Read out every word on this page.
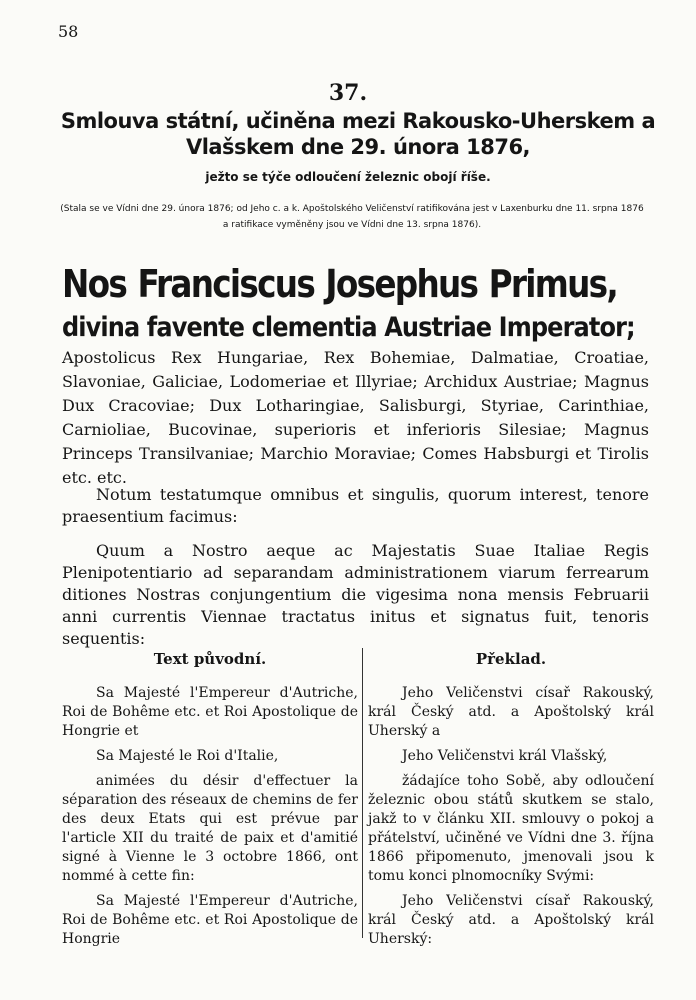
58
37.
Smlouva státní, učiněna mezi Rakousko-Uherskem a Vlašskem dne 29. února 1876,
ježto se týče odloučení železnic obojí říše.
(Stala se ve Vídni dne 29. února 1876; od Jeho c. a k. Apoštolského Veličenství ratifikována jest v Laxenburku dne 11. srpna 1876 a ratifikace vyměněny jsou ve Vídni dne 13. srpna 1876).
Nos Franciscus Josephus Primus,
divina favente clementia Austriae Imperator;
Apostolicus Rex Hungariae, Rex Bohemiae, Dalmatiae, Croatiae, Slavoniae, Galiciae, Lodomeriae et Illyriae; Archidux Austriae; Magnus Dux Cracoviae; Dux Lotharingiae, Salisburgi, Styriae, Carinthiae, Carnioliae, Bucovinae, superioris et inferioris Silesiae; Magnus Princeps Transilvaniae; Marchio Moraviae; Comes Habsburgi et Tirolis etc. etc.
Notum testatumque omnibus et singulis, quorum interest, tenore praesentium facimus:
Quum a Nostro aeque ac Majestatis Suae Italiae Regis Plenipotentiario ad separandam administrationem viarum ferrearum ditiones Nostras conjungentium die vigesima nona mensis Februarii anni currentis Viennae tractatus initus et signatus fuit, tenoris sequentis:
Text původní.

Sa Majesté l'Empereur d'Autriche, Roi de Bohême etc. et Roi Apostolique de Hongrie et

Sa Majesté le Roi d'Italie,

animées du désir d'effectuer la séparation des réseaux de chemins de fer des deux Etats qui est prévue par l'article XII du traité de paix et d'amitié signé à Vienne le 3 octobre 1866, ont nommé à cette fin:

Sa Majesté l'Empereur d'Autriche, Roi de Bohême etc. et Roi Apostolique de Hongrie

Překlad.

Jeho Veličenstvi císař Rakouský, král Český atd. a Apoštolský král Uherský a

Jeho Veličenstvi král Vlašský,

žádajíce toho Sobě, aby odloučení železnic obou států skutkem se stalo, jakž to v článku XII. smlouvy o pokoj a přátelství, učiněné ve Vídni dne 3. října 1866 připomenuto, jmenovali jsou k tomu konci plnomocníky Svými:

Jeho Veličenstvi císař Rakouský, král Český atd. a Apoštolský král Uherský:
